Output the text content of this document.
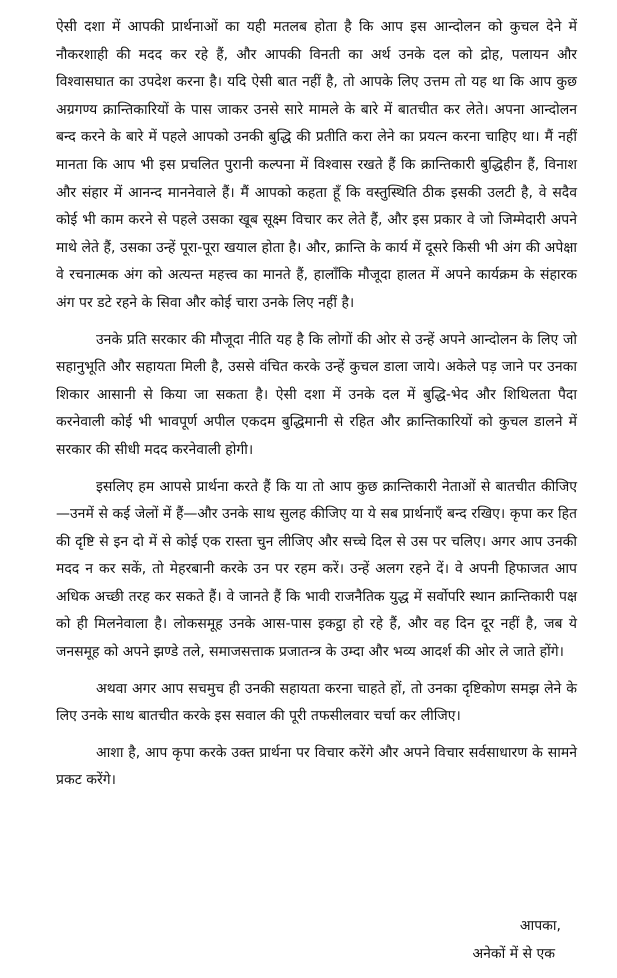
ऐसी दशा में आपकी प्रार्थनाओं का यही मतलब होता है कि आप इस आन्दोलन को कुचल देने में नौकरशाही की मदद कर रहे हैं, और आपकी विनती का अर्थ उनके दल को द्रोह, पलायन और विश्वासघात का उपदेश करना है। यदि ऐसी बात नहीं है, तो आपके लिए उत्तम तो यह था कि आप कुछ अग्रगण्य क्रान्तिकारियों के पास जाकर उनसे सारे मामले के बारे में बातचीत कर लेते। अपना आन्दोलन बन्द करने के बारे में पहले आपको उनकी बुद्धि की प्रतीति करा लेने का प्रयत्न करना चाहिए था। मैं नहीं मानता कि आप भी इस प्रचलित पुरानी कल्पना में विश्वास रखते हैं कि क्रान्तिकारी बुद्धिहीन हैं, विनाश और संहार में आनन्द माननेवाले हैं। मैं आपको कहता हूँ कि वस्तुस्थिति ठीक इसकी उलटी है, वे सदैव कोई भी काम करने से पहले उसका खूब सूक्ष्म विचार कर लेते हैं, और इस प्रकार वे जो जिम्मेदारी अपने माथे लेते हैं, उसका उन्हें पूरा-पूरा खयाल होता है। और, क्रान्ति के कार्य में दूसरे किसी भी अंग की अपेक्षा वे रचनात्मक अंग को अत्यन्त महत्त्व का मानते हैं, हालाँकि मौजूदा हालत में अपने कार्यक्रम के संहारक अंग पर डटे रहने के सिवा और कोई चारा उनके लिए नहीं है।

उनके प्रति सरकार की मौजूदा नीति यह है कि लोगों की ओर से उन्हें अपने आन्दोलन के लिए जो सहानुभूति और सहायता मिली है, उससे वंचित करके उन्हें कुचल डाला जाये। अकेले पड़ जाने पर उनका शिकार आसानी से किया जा सकता है। ऐसी दशा में उनके दल में बुद्धि-भेद और शिथिलता पैदा करनेवाली कोई भी भावपूर्ण अपील एकदम बुद्धिमानी से रहित और क्रान्तिकारियों को कुचल डालने में सरकार की सीधी मदद करनेवाली होगी।

इसलिए हम आपसे प्रार्थना करते हैं कि या तो आप कुछ क्रान्तिकारी नेताओं से बातचीत कीजिए—उनमें से कई जेलों में हैं—और उनके साथ सुलह कीजिए या ये सब प्रार्थनाएँ बन्द रखिए। कृपा कर हित की दृष्टि से इन दो में से कोई एक रास्ता चुन लीजिए और सच्चे दिल से उस पर चलिए। अगर आप उनकी मदद न कर सकें, तो मेहरबानी करके उन पर रहम करें। उन्हें अलग रहने दें। वे अपनी हिफाजत आप अधिक अच्छी तरह कर सकते हैं। वे जानते हैं कि भावी राजनैतिक युद्ध में सर्वोपरि स्थान क्रान्तिकारी पक्ष को ही मिलनेवाला है। लोकसमूह उनके आस-पास इकट्ठा हो रहे हैं, और वह दिन दूर नहीं है, जब ये जनसमूह को अपने झण्डे तले, समाजसत्ताक प्रजातन्त्र के उम्दा और भव्य आदर्श की ओर ले जाते होंगे।

अथवा अगर आप सचमुच ही उनकी सहायता करना चाहते हों, तो उनका दृष्टिकोण समझ लेने के लिए उनके साथ बातचीत करके इस सवाल की पूरी तफसीलवार चर्चा कर लीजिए।

आशा है, आप कृपा करके उक्त प्रार्थना पर विचार करेंगे और अपने विचार सर्वसाधारण के सामने प्रकट करेंगे।

आपका,
अनेकों में से एक
